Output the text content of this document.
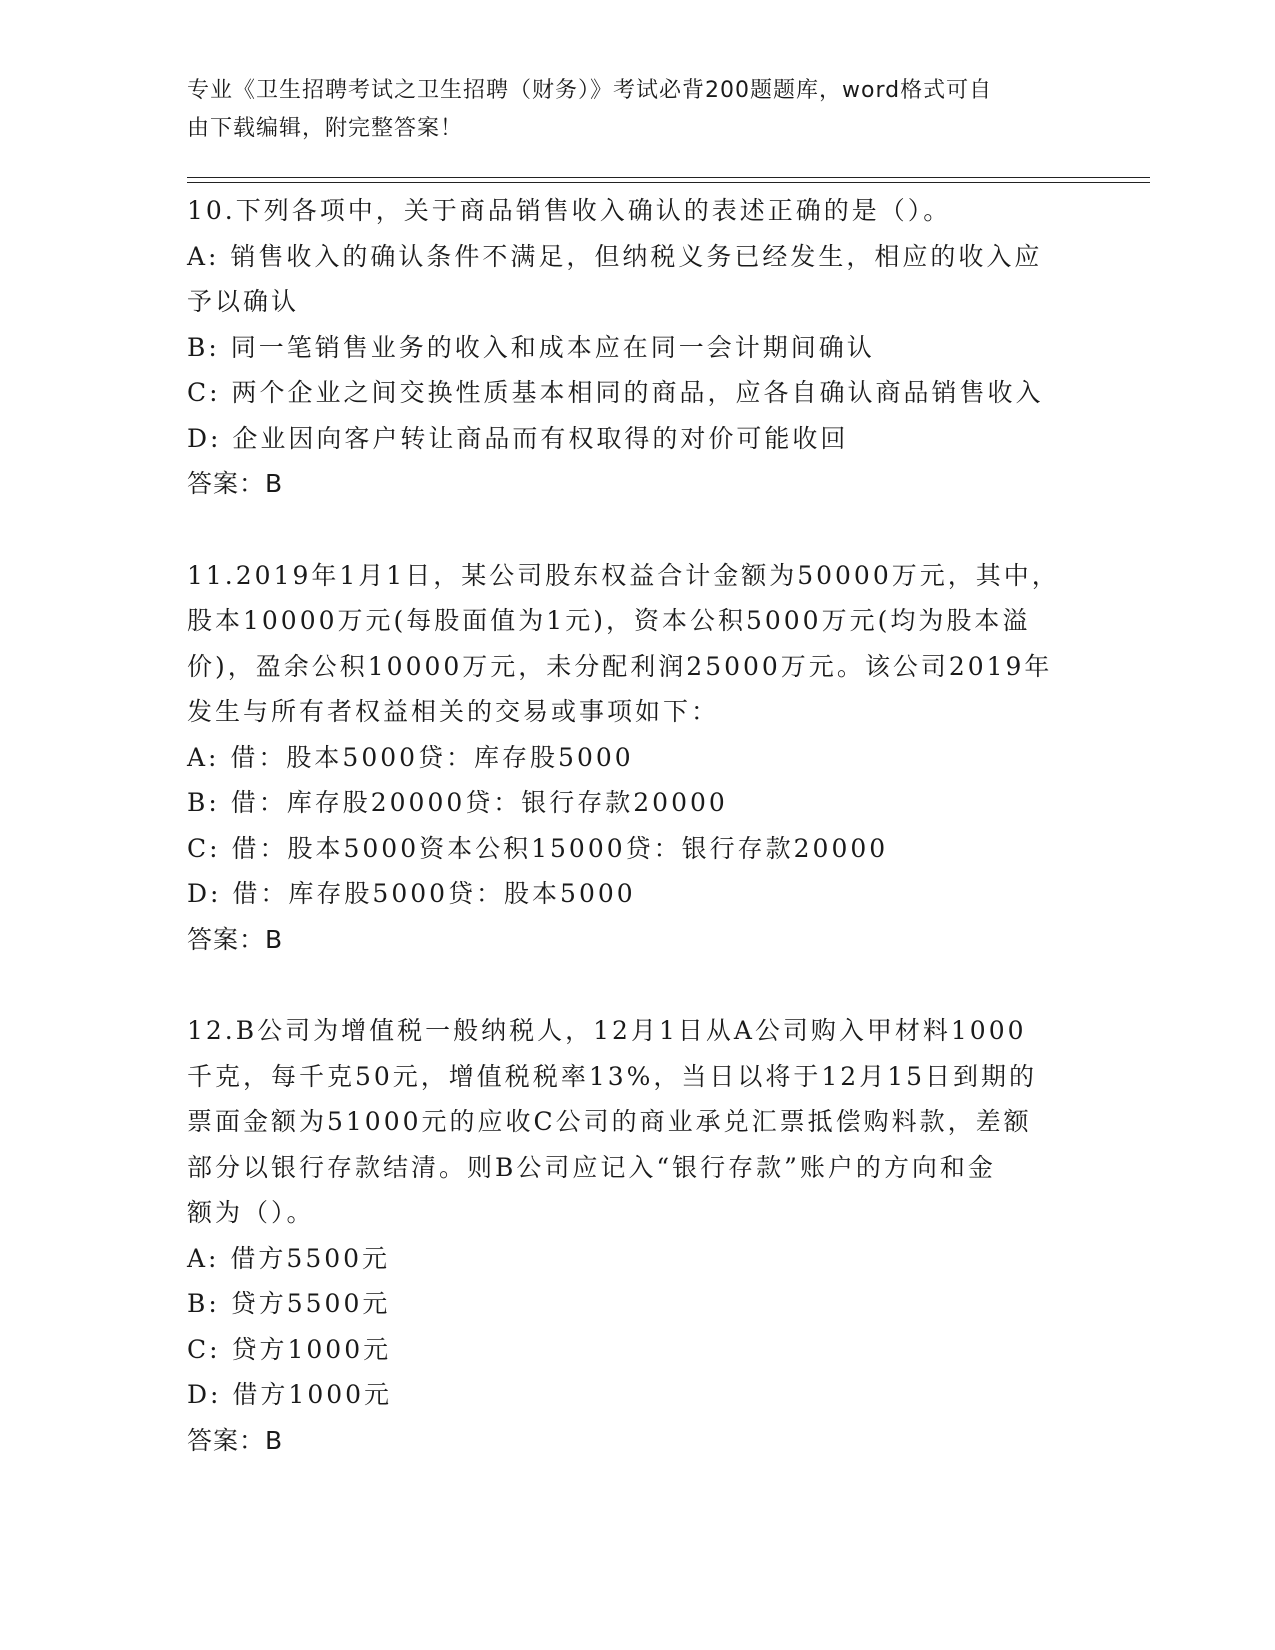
专业《卫生招聘考试之卫生招聘（财务）》考试必背200题题库，word格式可自
由下载编辑，附完整答案！
10.下列各项中，关于商品销售收入确认的表述正确的是（）。
A: 销售收入的确认条件不满足，但纳税义务已经发生，相应的收入应
予以确认
B: 同一笔销售业务的收入和成本应在同一会计期间确认
C: 两个企业之间交换性质基本相同的商品，应各自确认商品销售收入
D: 企业因向客户转让商品而有权取得的对价可能收回
答案：B
11.2019年1月1日，某公司股东权益合计金额为50000万元，其中，
股本10000万元(每股面值为1元)，资本公积5000万元(均为股本溢
价)，盈余公积10000万元，未分配利润25000万元。该公司2019年
发生与所有者权益相关的交易或事项如下：
A: 借：股本5000贷：库存股5000
B: 借：库存股20000贷：银行存款20000
C: 借：股本5000资本公积15000贷：银行存款20000
D: 借：库存股5000贷：股本5000
答案：B
12.B公司为增值税一般纳税人，12月1日从A公司购入甲材料1000
千克，每千克50元，增值税税率13%，当日以将于12月15日到期的
票面金额为51000元的应收C公司的商业承兑汇票抵偿购料款，差额
部分以银行存款结清。则B公司应记入“银行存款”账户的方向和金
额为（）。
A: 借方5500元
B: 贷方5500元
C: 贷方1000元
D: 借方1000元
答案：B
